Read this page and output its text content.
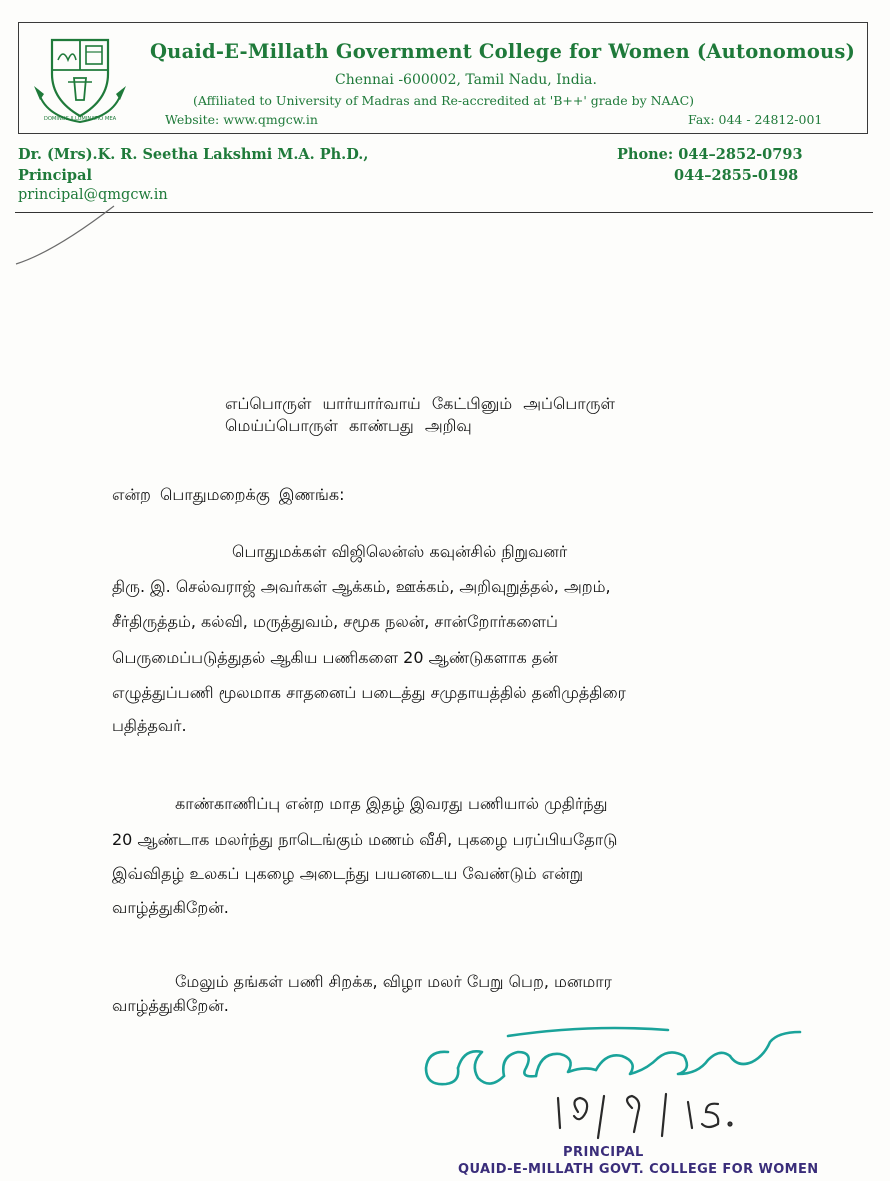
DOMINUS ILLUMINATIO MEA
Quaid-E-Millath Government College for Women (Autonomous)
Chennai -600002, Tamil Nadu, India.
(Affiliated to University of Madras and Re-accredited at 'B++' grade by NAAC)
Website: www.qmgcw.in	Fax: 044 - 24812-001
Dr. (Mrs).K. R. Seetha Lakshmi M.A. Ph.D.,
Principal
principal@qmgcw.in
Phone: 044–2852-0793
044–2855-0198
எப்பொருள் யார்யார்வாய் கேட்பினும் அப்பொருள்
மெய்ப்பொருள் காண்பது அறிவு
என்ற பொதுமறைக்கு இணங்க:
பொதுமக்கள் விஜிலென்ஸ் கவுன்சில் நிறுவனர்
திரு. இ. செல்வராஜ் அவர்கள் ஆக்கம், ஊக்கம், அறிவுறுத்தல், அறம்,
சீர்திருத்தம், கல்வி, மருத்துவம், சமூக நலன், சான்றோர்களைப்
பெருமைப்படுத்துதல் ஆகிய பணிகளை 20 ஆண்டுகளாக தன்
எழுத்துப்பணி மூலமாக சாதனைப் படைத்து சமுதாயத்தில் தனிமுத்திரை
பதித்தவர்.
காண்காணிப்பு என்ற மாத இதழ் இவரது பணியால் முதிர்ந்து
20 ஆண்டாக மலர்ந்து நாடெங்கும் மணம் வீசி, புகழை பரப்பியதோடு
இவ்விதழ் உலகப் புகழை அடைந்து பயனடைய வேண்டும் என்று
வாழ்த்துகிறேன்.
மேலும் தங்கள் பணி சிறக்க, விழா மலர் பேறு பெற, மனமார
வாழ்த்துகிறேன்.	10 / 9 / 15.
PRINCIPAL
QUAID-E-MILLATH GOVT. COLLEGE FOR WOMEN
